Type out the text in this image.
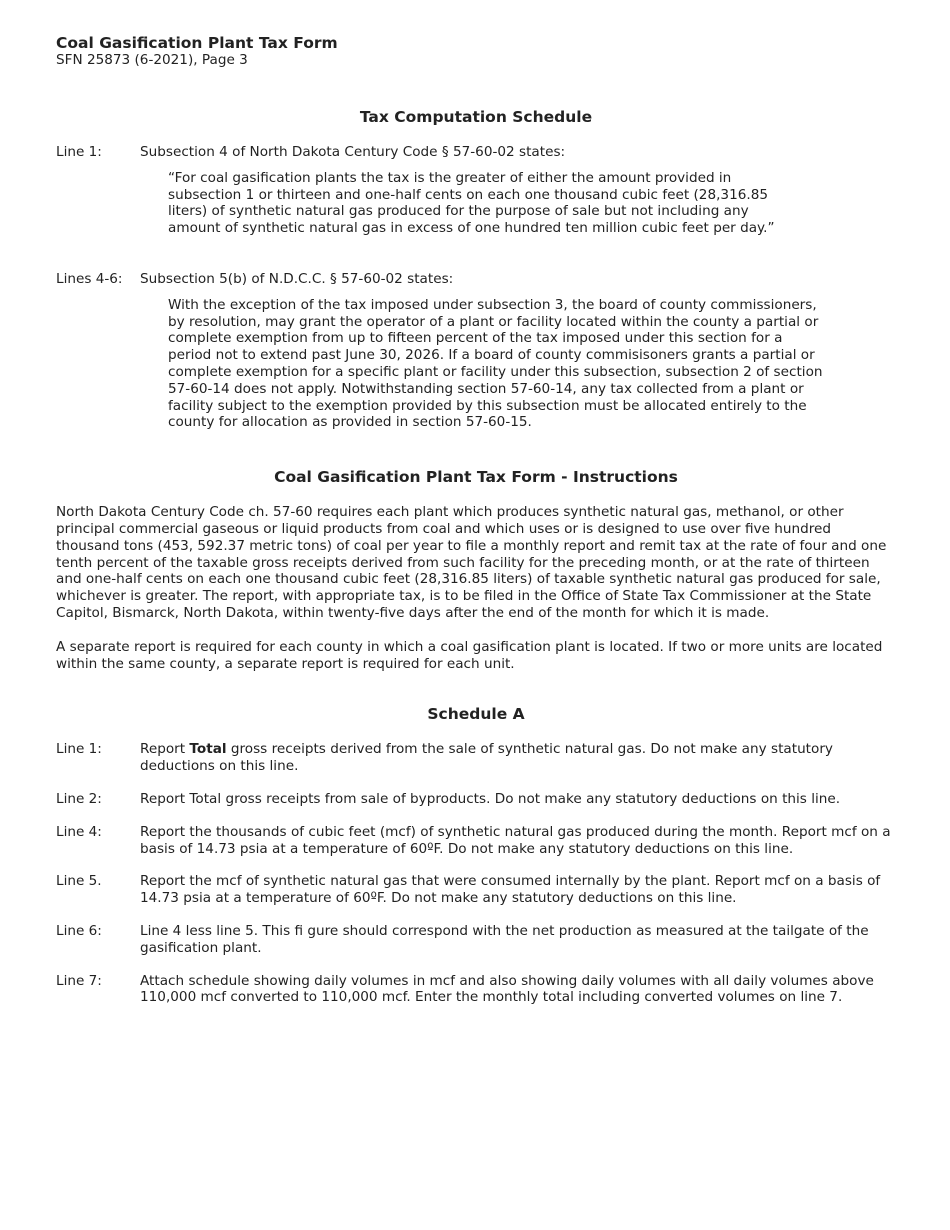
Coal Gasification Plant Tax Form

SFN 25873 (6-2021), Page 3

Tax Computation Schedule

Line 1:	Subsection 4 of North Dakota Century Code § 57-60-02 states:
“For coal gasification plants the tax is the greater of either the amount provided in subsection 1 or thirteen and one-half cents on each one thousand cubic feet (28,316.85 liters) of synthetic natural gas produced for the purpose of sale but not including any amount of synthetic natural gas in excess of one hundred ten million cubic feet per day.”
Lines 4-6:	Subsection 5(b) of N.D.C.C. § 57-60-02 states:
With the exception of the tax imposed under subsection 3, the board of county commissioners, by resolution, may grant the operator of a plant or facility located within the county a partial or complete exemption from up to fifteen percent of the tax imposed under this section for a period not to extend past June 30, 2026. If a board of county commisisoners grants a partial or complete exemption for a specific plant or facility under this subsection, subsection 2 of section 57-60-14 does not apply. Notwithstanding section 57-60-14, any tax collected from a plant or facility subject to the exemption provided by this subsection must be allocated entirely to the county for allocation as provided in section 57-60-15.

Coal Gasification Plant Tax Form - Instructions

North Dakota Century Code ch. 57-60 requires each plant which produces synthetic natural gas, methanol, or other principal commercial gaseous or liquid products from coal and which uses or is designed to use over five hundred thousand tons (453, 592.37 metric tons) of coal per year to file a monthly report and remit tax at the rate of four and one tenth percent of the taxable gross receipts derived from such facility for the preceding month, or at the rate of thirteen and one-half cents on each one thousand cubic feet (28,316.85 liters) of taxable synthetic natural gas produced for sale, whichever is greater. The report, with appropriate tax, is to be filed in the Office of State Tax Commissioner at the State Capitol, Bismarck, North Dakota, within twenty-five days after the end of the month for which it is made.

A separate report is required for each county in which a coal gasification plant is located. If two or more units are located within the same county, a separate report is required for each unit.

Schedule A

Line 1:	Report Total gross receipts derived from the sale of synthetic natural gas. Do not make any statutory deductions on this line.
Line 2:	Report Total gross receipts from sale of byproducts. Do not make any statutory deductions on this line.
Line 4:	Report the thousands of cubic feet (mcf) of synthetic natural gas produced during the month. Report mcf on a basis of 14.73 psia at a temperature of 60ºF. Do not make any statutory deductions on this line.
Line 5.	Report the mcf of synthetic natural gas that were consumed internally by the plant. Report mcf on a basis of 14.73 psia at a temperature of 60ºF. Do not make any statutory deductions on this line.
Line 6:	Line 4 less line 5. This fi gure should correspond with the net production as measured at the tailgate of the gasification plant.
Line 7:	Attach schedule showing daily volumes in mcf and also showing daily volumes with all daily volumes above 110,000 mcf converted to 110,000 mcf. Enter the monthly total including converted volumes on line 7.
